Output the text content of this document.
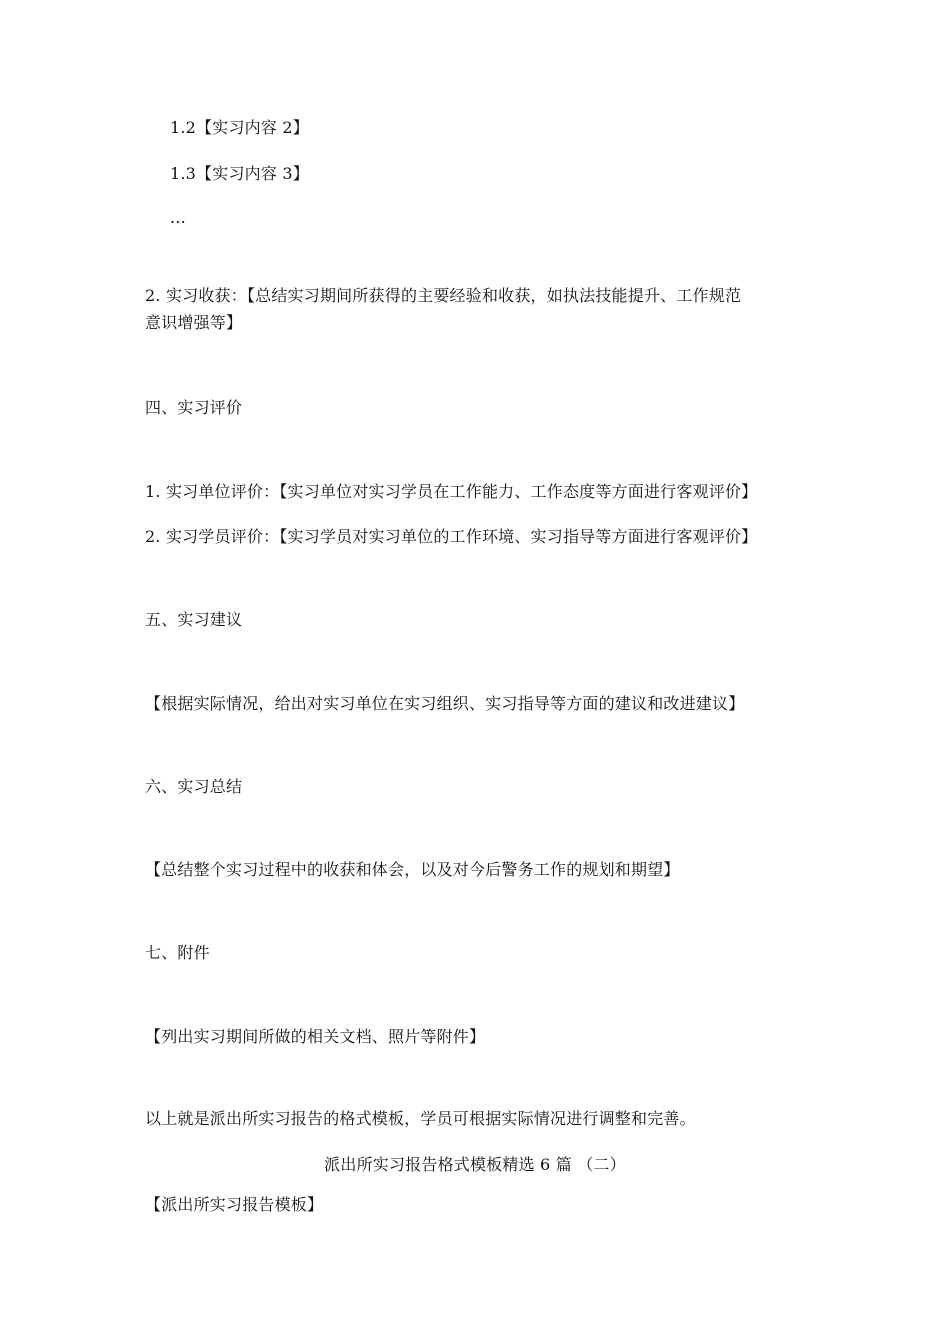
1.2【实习内容 2】
1.3【实习内容 3】
...
2. 实习收获：【总结实习期间所获得的主要经验和收获，如执法技能提升、工作规范
意识增强等】
四、实习评价
1. 实习单位评价：【实习单位对实习学员在工作能力、工作态度等方面进行客观评价】
2. 实习学员评价：【实习学员对实习单位的工作环境、实习指导等方面进行客观评价】
五、实习建议
【根据实际情况，给出对实习单位在实习组织、实习指导等方面的建议和改进建议】
六、实习总结
【总结整个实习过程中的收获和体会，以及对今后警务工作的规划和期望】
七、附件
【列出实习期间所做的相关文档、照片等附件】
以上就是派出所实习报告的格式模板，学员可根据实际情况进行调整和完善。
派出所实习报告格式模板精选 6 篇 （二）
【派出所实习报告模板】
